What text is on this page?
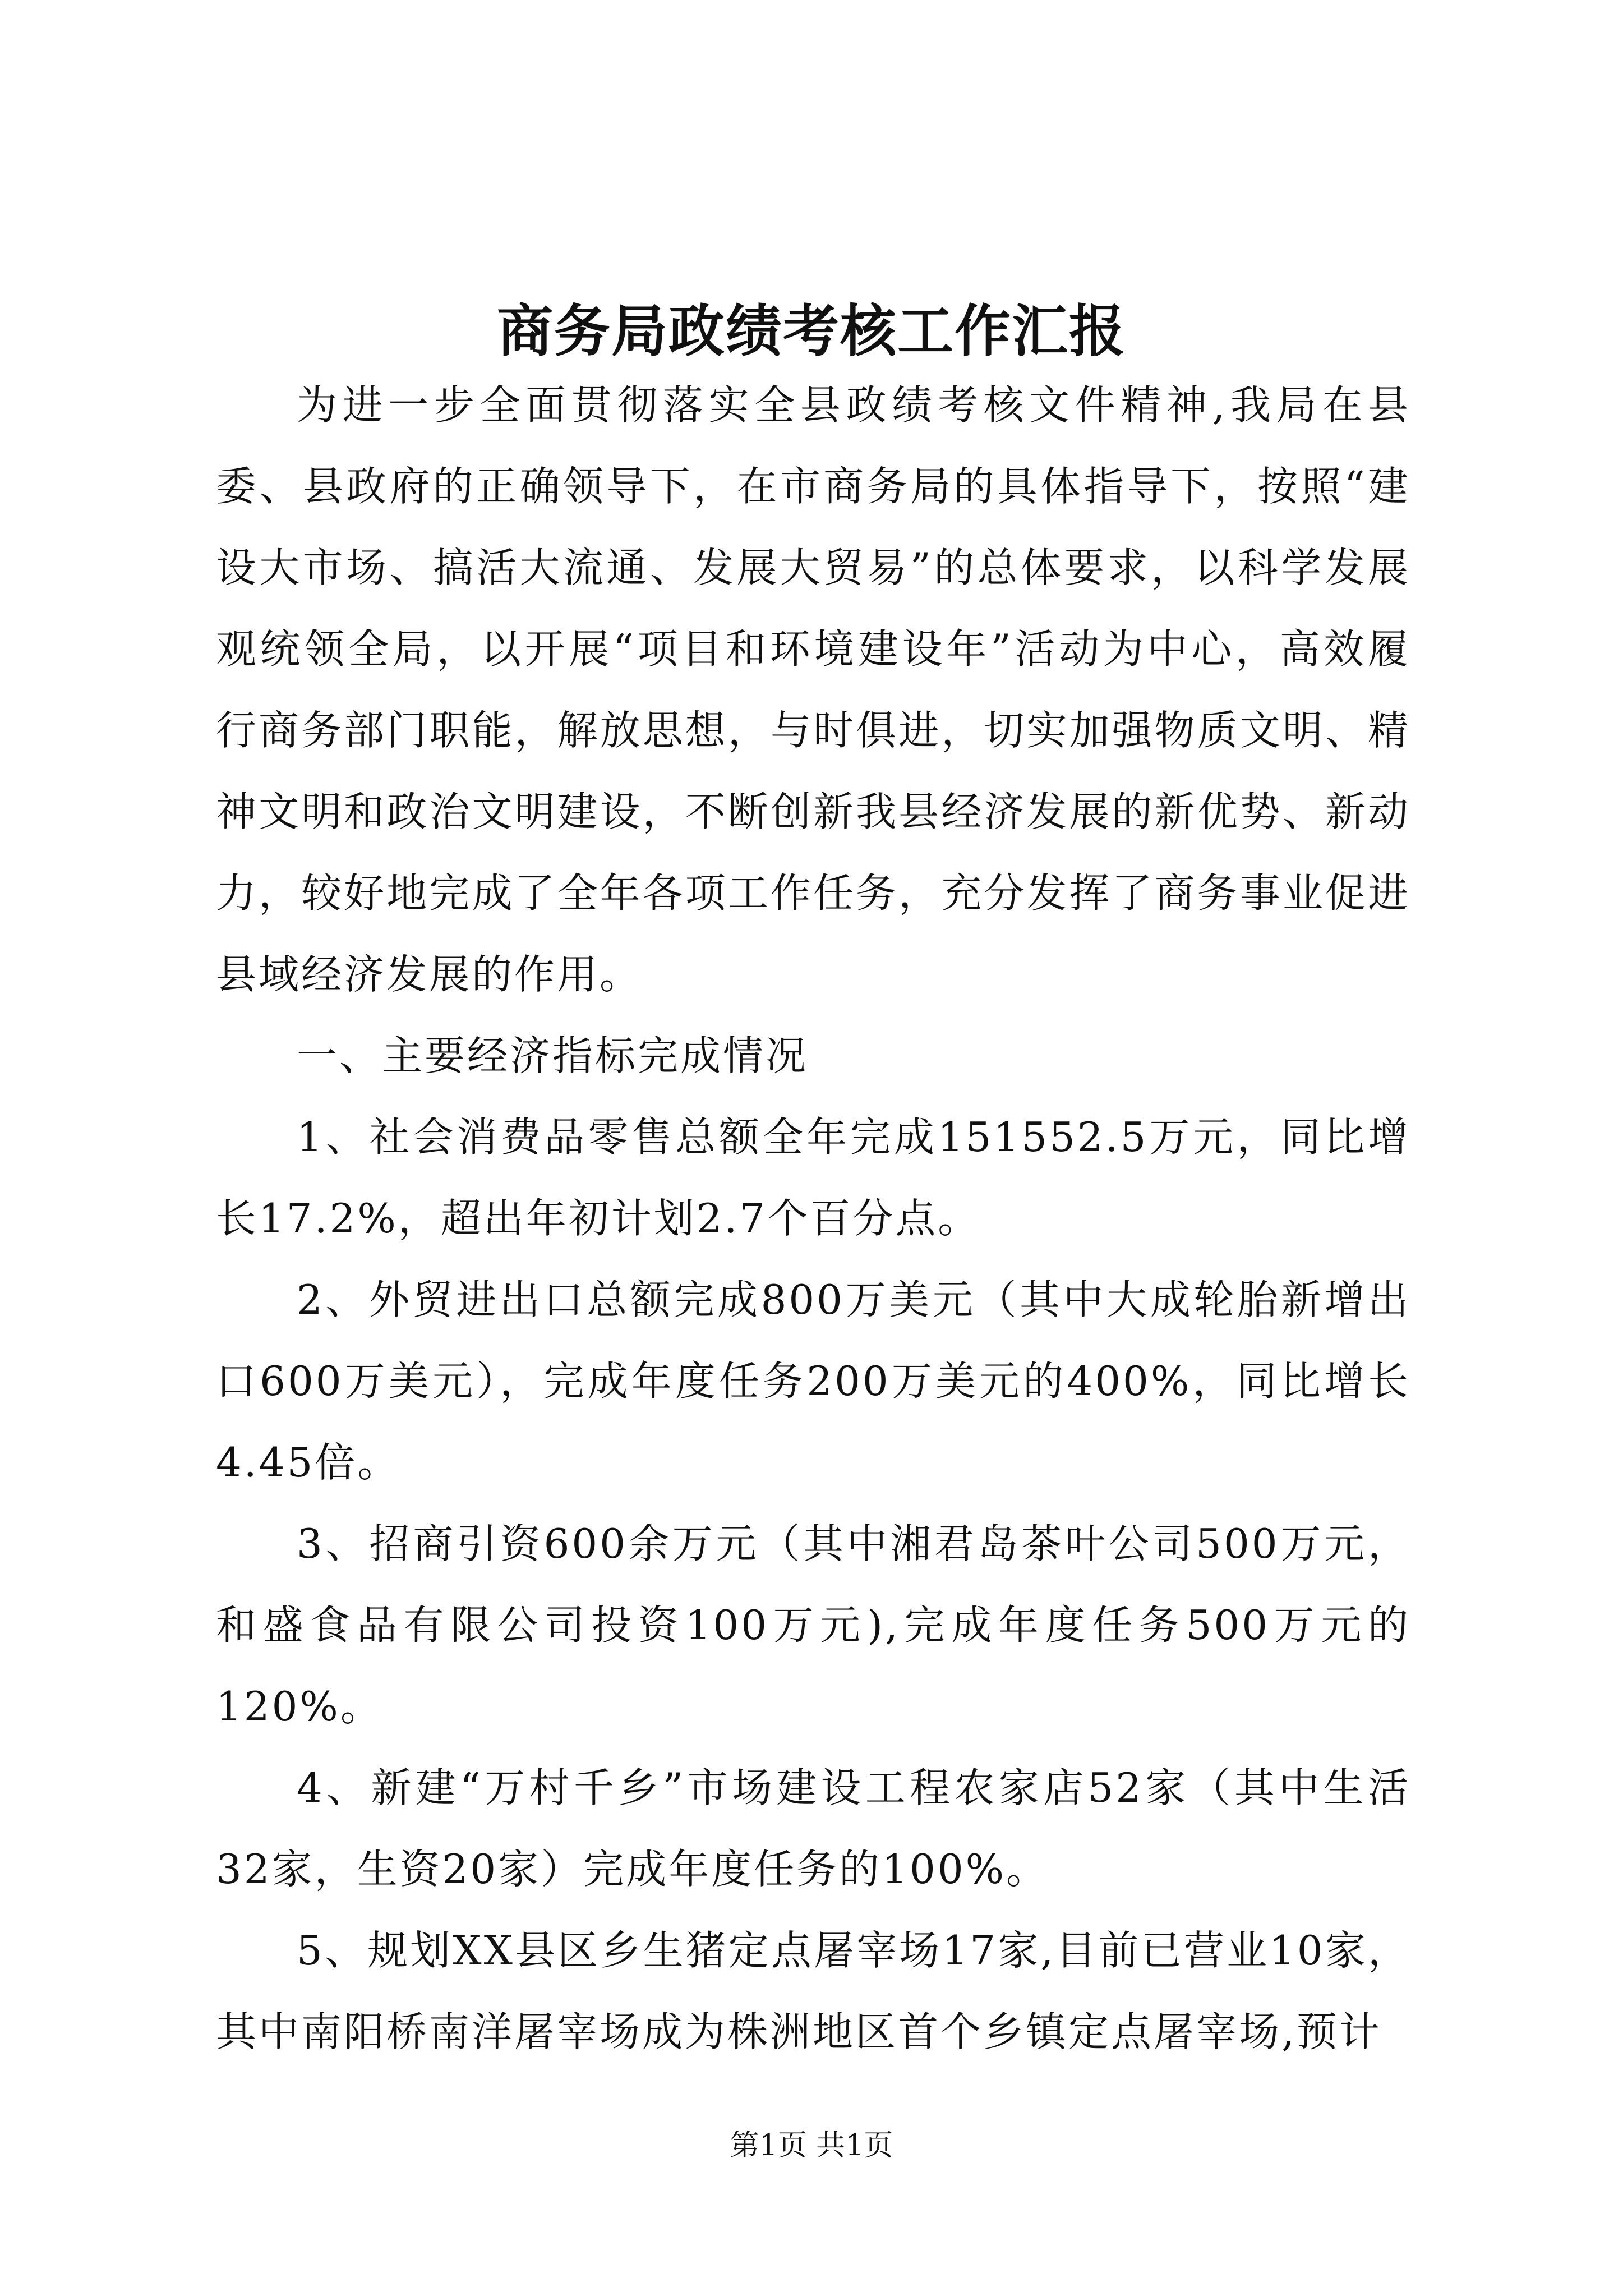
商务局政绩考核工作汇报

为进一步全面贯彻落实全县政绩考核文件精神,我局在县委、县政府的正确领导下，在市商务局的具体指导下，按照“建设大市场、搞活大流通、发展大贸易”的总体要求，以科学发展观统领全局，以开展“项目和环境建设年”活动为中心，高效履行商务部门职能，解放思想，与时俱进，切实加强物质文明、精神文明和政治文明建设，不断创新我县经济发展的新优势、新动力，较好地完成了全年各项工作任务，充分发挥了商务事业促进县域经济发展的作用。

一、主要经济指标完成情况

1、社会消费品零售总额全年完成151552.5万元，同比增长17.2%，超出年初计划2.7个百分点。

2、外贸进出口总额完成800万美元（其中大成轮胎新增出口600万美元），完成年度任务200万美元的400%，同比增长4.45倍。

3、招商引资600余万元（其中湘君岛茶叶公司500万元，和盛食品有限公司投资100万元),完成年度任务500万元的120%。

4、新建“万村千乡”市场建设工程农家店52家（其中生活32家，生资20家）完成年度任务的100%。

5、规划XX县区乡生猪定点屠宰场17家,目前已营业10家，其中南阳桥南洋屠宰场成为株洲地区首个乡镇定点屠宰场,预计

第1页 共1页
